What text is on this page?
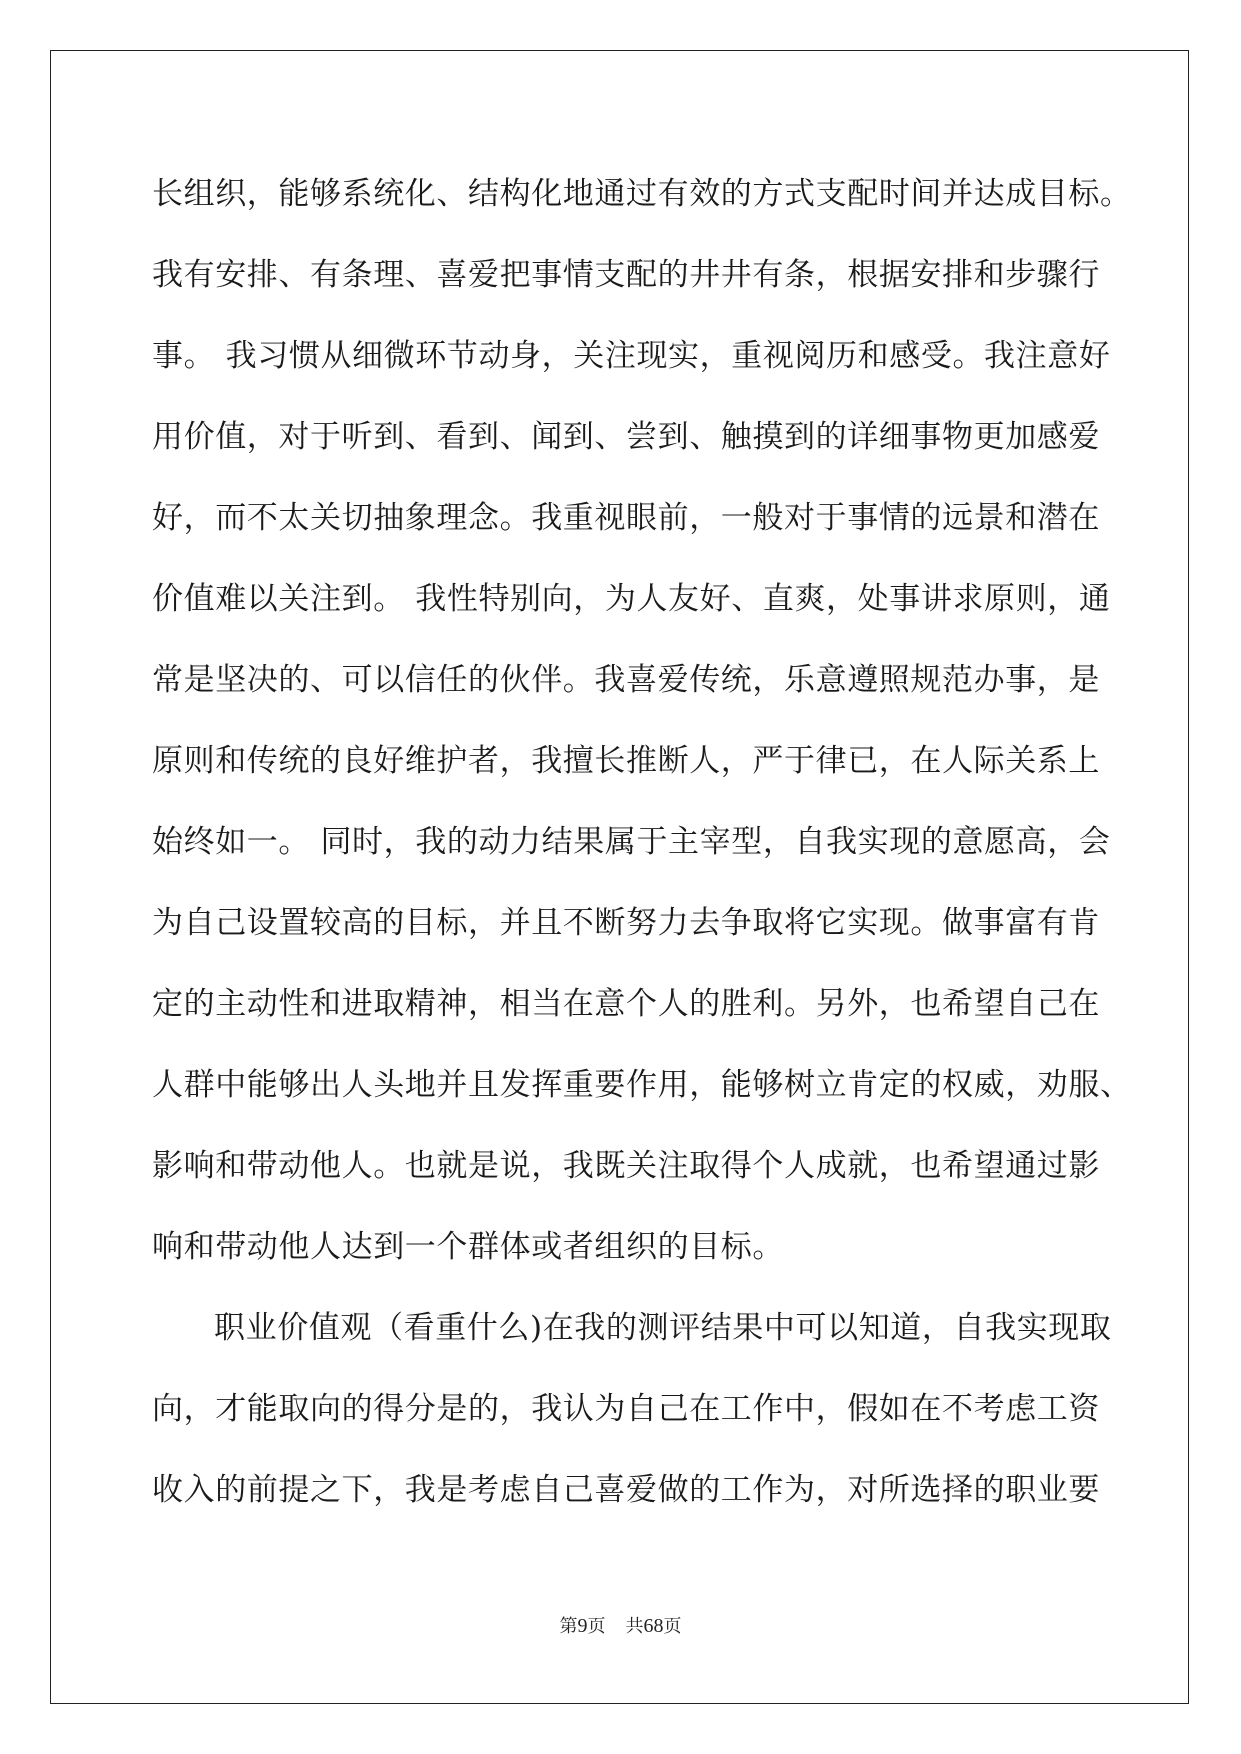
长组织，能够系统化、结构化地通过有效的方式支配时间并达成目标。
我有安排、有条理、喜爱把事情支配的井井有条，根据安排和步骤行
事。 我习惯从细微环节动身，关注现实，重视阅历和感受。我注意好
用价值，对于听到、看到、闻到、尝到、触摸到的详细事物更加感爱
好，而不太关切抽象理念。我重视眼前，一般对于事情的远景和潜在
价值难以关注到。 我性特别向，为人友好、直爽，处事讲求原则，通
常是坚决的、可以信任的伙伴。我喜爱传统，乐意遵照规范办事，是
原则和传统的良好维护者，我擅长推断人，严于律已，在人际关系上
始终如一。 同时，我的动力结果属于主宰型，自我实现的意愿高，会
为自己设置较高的目标，并且不断努力去争取将它实现。做事富有肯
定的主动性和进取精神，相当在意个人的胜利。另外，也希望自己在
人群中能够出人头地并且发挥重要作用，能够树立肯定的权威，劝服、
影响和带动他人。也就是说，我既关注取得个人成就，也希望通过影
响和带动他人达到一个群体或者组织的目标。
职业价值观（看重什么)在我的测评结果中可以知道，自我实现取
向，才能取向的得分是的，我认为自己在工作中，假如在不考虑工资
收入的前提之下，我是考虑自己喜爱做的工作为，对所选择的职业要
第9页 共68页
